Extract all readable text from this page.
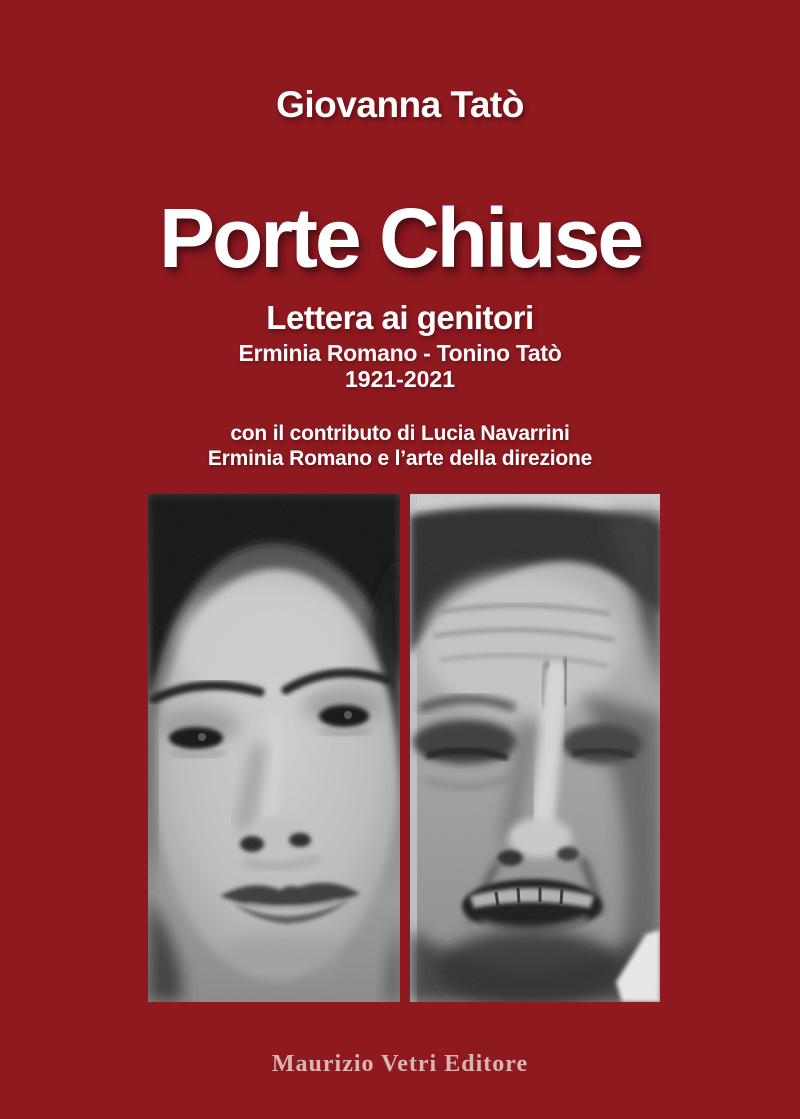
Giovanna Tatò
Porte Chiuse
Lettera ai genitori
Erminia Romano - Tonino Tatò
1921-2021
con il contributo di Lucia Navarrini
Erminia Romano e l’arte della direzione
Maurizio Vetri Editore
